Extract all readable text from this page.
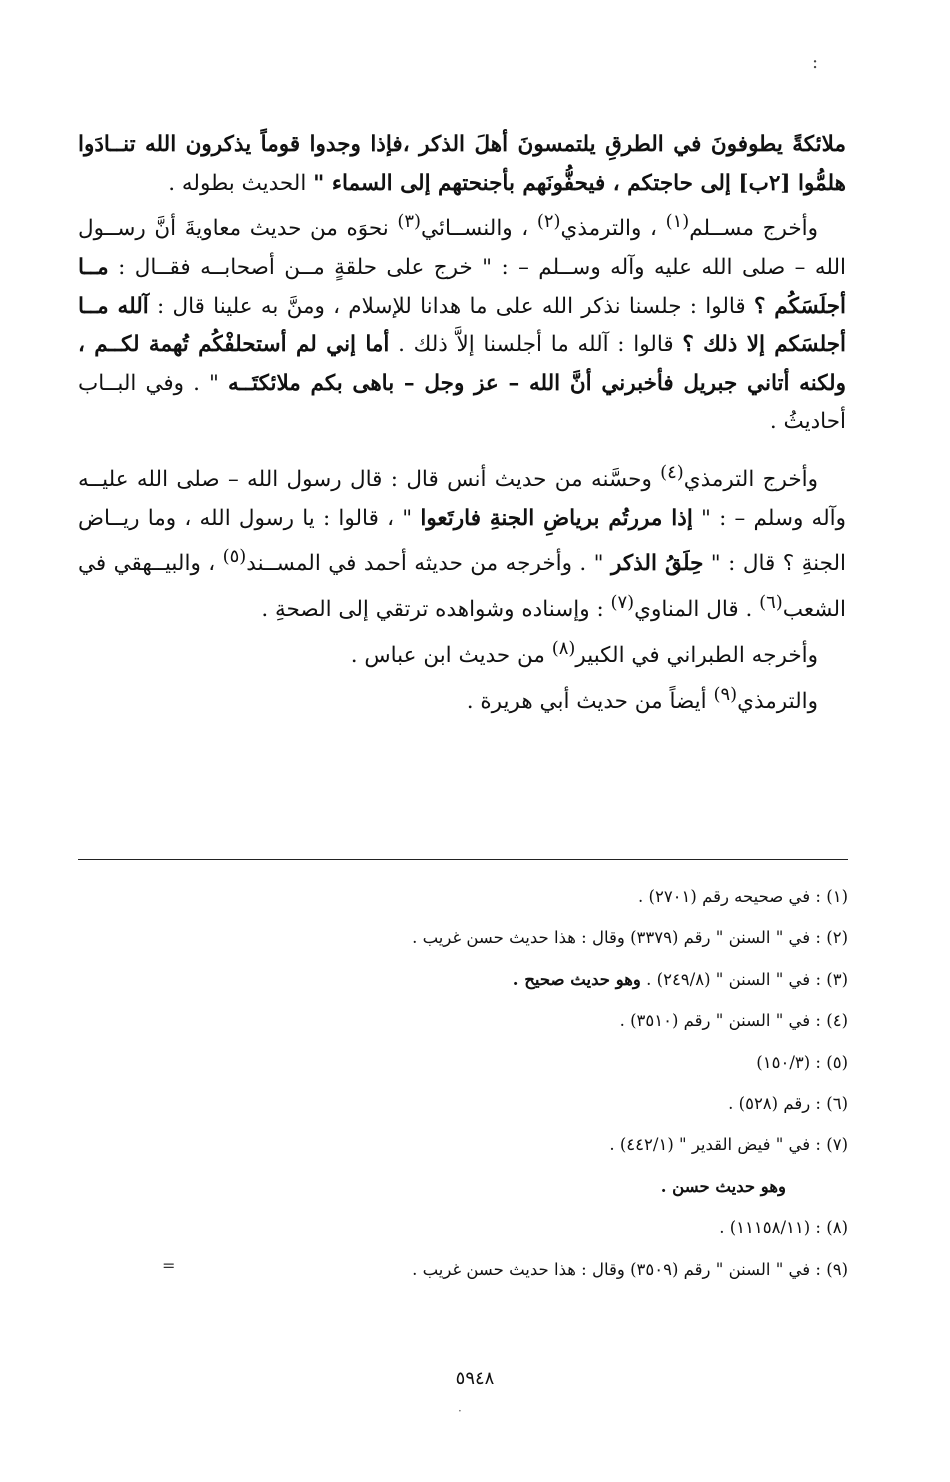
:

ملائكةً يطوفونَ في الطرقِ يلتمسونَ أهلَ الذكر ،فإذا وجدوا قوماً يذكرون الله تنــادَوا هلمُّوا [٢ب] إلى حاجتكم ، فيحفُّونَهم بأجنحتهم إلى السماء " الحديث بطوله .

وأخرج مســلم$^{(١)}$ ، والترمذي$^{(٢)}$ ، والنســائي$^{(٣)}$ نحوَه من حديث معاويةَ أنَّ رســول الله – صلى الله عليه وآله وســلم – : " خرج على حلقةٍ مــن أصحابــه فقــال : مــا أجلَسَكُم ؟ قالوا : جلسنا نذكر الله على ما هدانا للإسلام ، ومنَّ به علينا قال : آلله مــا أجلسَكم إلا ذلك ؟ قالوا : آلله ما أجلسنا إلاَّ ذلك . أما إني لم أستحلفْكُم تُهمة لكــم ، ولكنه أتاني جبريل فأخبرني أنَّ الله – عز وجل – باهى بكم ملائكتَــه " . وفي البــاب أحاديثُ .

وأخرج الترمذي$^{(٤)}$ وحسَّنه من حديث أنس قال : قال رسول الله – صلى الله عليــه وآله وسلم – : " إذا مررتُم برياضِ الجنةِ فارتَعوا " ، قالوا : يا رسول الله ، وما ريــاض الجنةِ ؟ قال : " حِلَقُ الذكر " . وأخرجه من حديثه أحمد في المســند$^{(٥)}$ ، والبيــهقي في الشعب$^{(٦)}$ . قال المناوي$^{(٧)}$ : وإسناده وشواهده ترتقي إلى الصحةِ .

وأخرجه الطبراني في الكبير$^{(٨)}$ من حديث ابن عباس .

والترمذي$^{(٩)}$ أيضاً من حديث أبي هريرة .

(١) : في صحيحه رقم (٢٧٠١) .
(٢) : في " السنن " رقم (٣٣٧٩) وقال : هذا حديث حسن غريب .
(٣) : في " السنن " (٢٤٩/٨) . وهو حديث صحيح .
(٤) : في " السنن " رقم (٣٥١٠) .
(٥) : (١٥٠/٣)
(٦) : رقم (٥٢٨) .
(٧) : في " فيض القدير " (٤٤٢/١) .
وهو حديث حسن .
(٨) : (١١١٥٨/١١) .
(٩) : في " السنن " رقم (٣٥٠٩) وقال : هذا حديث حسن غريب .
=
٥٩٤٨
·
